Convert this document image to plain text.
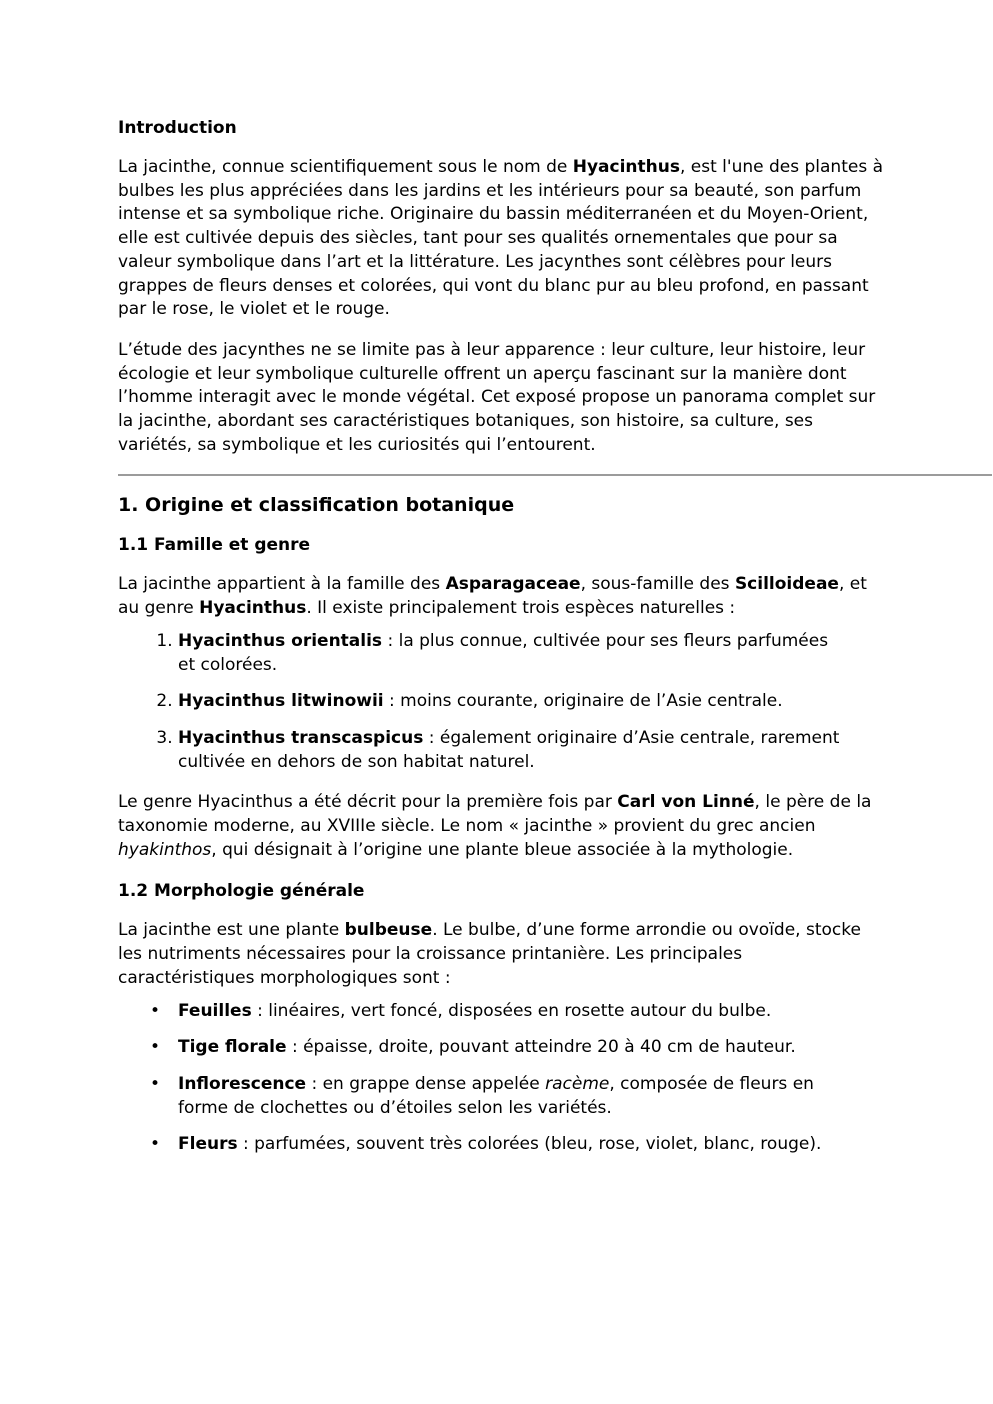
Introduction

La jacinthe, connue scientifiquement sous le nom de Hyacinthus, est l'une des plantes à bulbes les plus appréciées dans les jardins et les intérieurs pour sa beauté, son parfum intense et sa symbolique riche. Originaire du bassin méditerranéen et du Moyen-Orient, elle est cultivée depuis des siècles, tant pour ses qualités ornementales que pour sa valeur symbolique dans l’art et la littérature. Les jacynthes sont célèbres pour leurs grappes de fleurs denses et colorées, qui vont du blanc pur au bleu profond, en passant par le rose, le violet et le rouge.

L’étude des jacynthes ne se limite pas à leur apparence : leur culture, leur histoire, leur écologie et leur symbolique culturelle offrent un aperçu fascinant sur la manière dont l’homme interagit avec le monde végétal. Cet exposé propose un panorama complet sur la jacinthe, abordant ses caractéristiques botaniques, son histoire, sa culture, ses variétés, sa symbolique et les curiosités qui l’entourent.

1. Origine et classification botanique
1.1 Famille et genre

La jacinthe appartient à la famille des Asparagaceae, sous-famille des Scilloideae, et au genre Hyacinthus. Il existe principalement trois espèces naturelles :

1. Hyacinthus orientalis : la plus connue, cultivée pour ses fleurs parfumées et colorées.
2. Hyacinthus litwinowii : moins courante, originaire de l’Asie centrale.
3. Hyacinthus transcaspicus : également originaire d’Asie centrale, rarement cultivée en dehors de son habitat naturel.

Le genre Hyacinthus a été décrit pour la première fois par Carl von Linné, le père de la taxonomie moderne, au XVIIIe siècle. Le nom « jacinthe » provient du grec ancien hyakinthos, qui désignait à l’origine une plante bleue associée à la mythologie.

1.2 Morphologie générale

La jacinthe est une plante bulbeuse. Le bulbe, d’une forme arrondie ou ovoïde, stocke les nutriments nécessaires pour la croissance printanière. Les principales caractéristiques morphologiques sont :

• Feuilles : linéaires, vert foncé, disposées en rosette autour du bulbe.
• Tige florale : épaisse, droite, pouvant atteindre 20 à 40 cm de hauteur.
• Inflorescence : en grappe dense appelée racème, composée de fleurs en forme de clochettes ou d’étoiles selon les variétés.
• Fleurs : parfumées, souvent très colorées (bleu, rose, violet, blanc, rouge).
